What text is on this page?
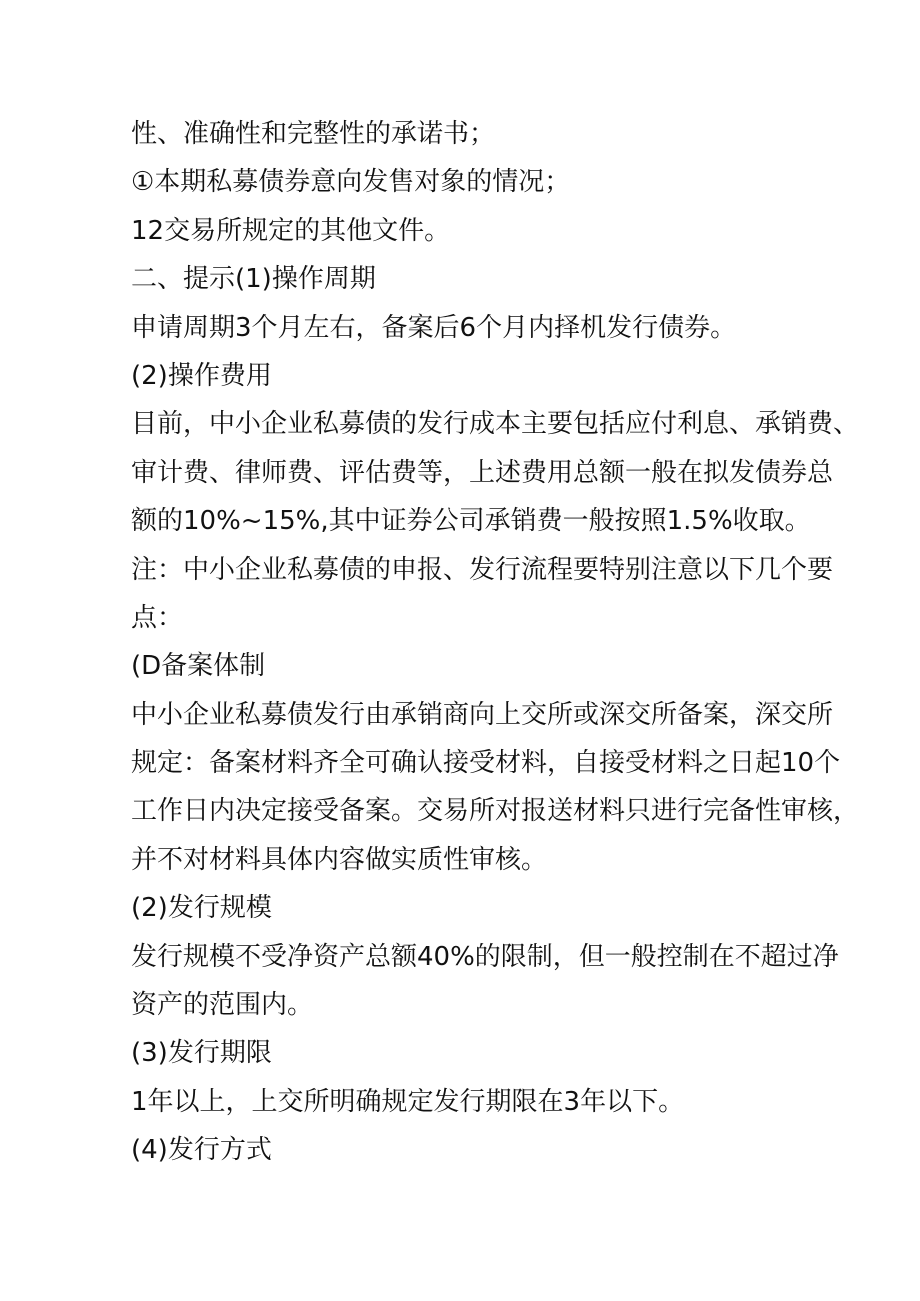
性、准确性和完整性的承诺书；

①本期私募债券意向发售对象的情况；

12交易所规定的其他文件。

二、提示(1)操作周期

申请周期3个月左右，备案后6个月内择机发行债券。

(2)操作费用

目前，中小企业私募债的发行成本主要包括应付利息、承销费、

审计费、律师费、评估费等，上述费用总额一般在拟发债券总

额的10%~15%,其中证券公司承销费一般按照1.5%收取。

注：中小企业私募债的申报、发行流程要特别注意以下几个要

点：

(D备案体制

中小企业私募债发行由承销商向上交所或深交所备案，深交所

规定：备案材料齐全可确认接受材料，自接受材料之日起10个

工作日内决定接受备案。交易所对报送材料只进行完备性审核，

并不对材料具体内容做实质性审核。

(2)发行规模

发行规模不受净资产总额40%的限制，但一般控制在不超过净

资产的范围内。

(3)发行期限

1年以上，上交所明确规定发行期限在3年以下。

(4)发行方式
